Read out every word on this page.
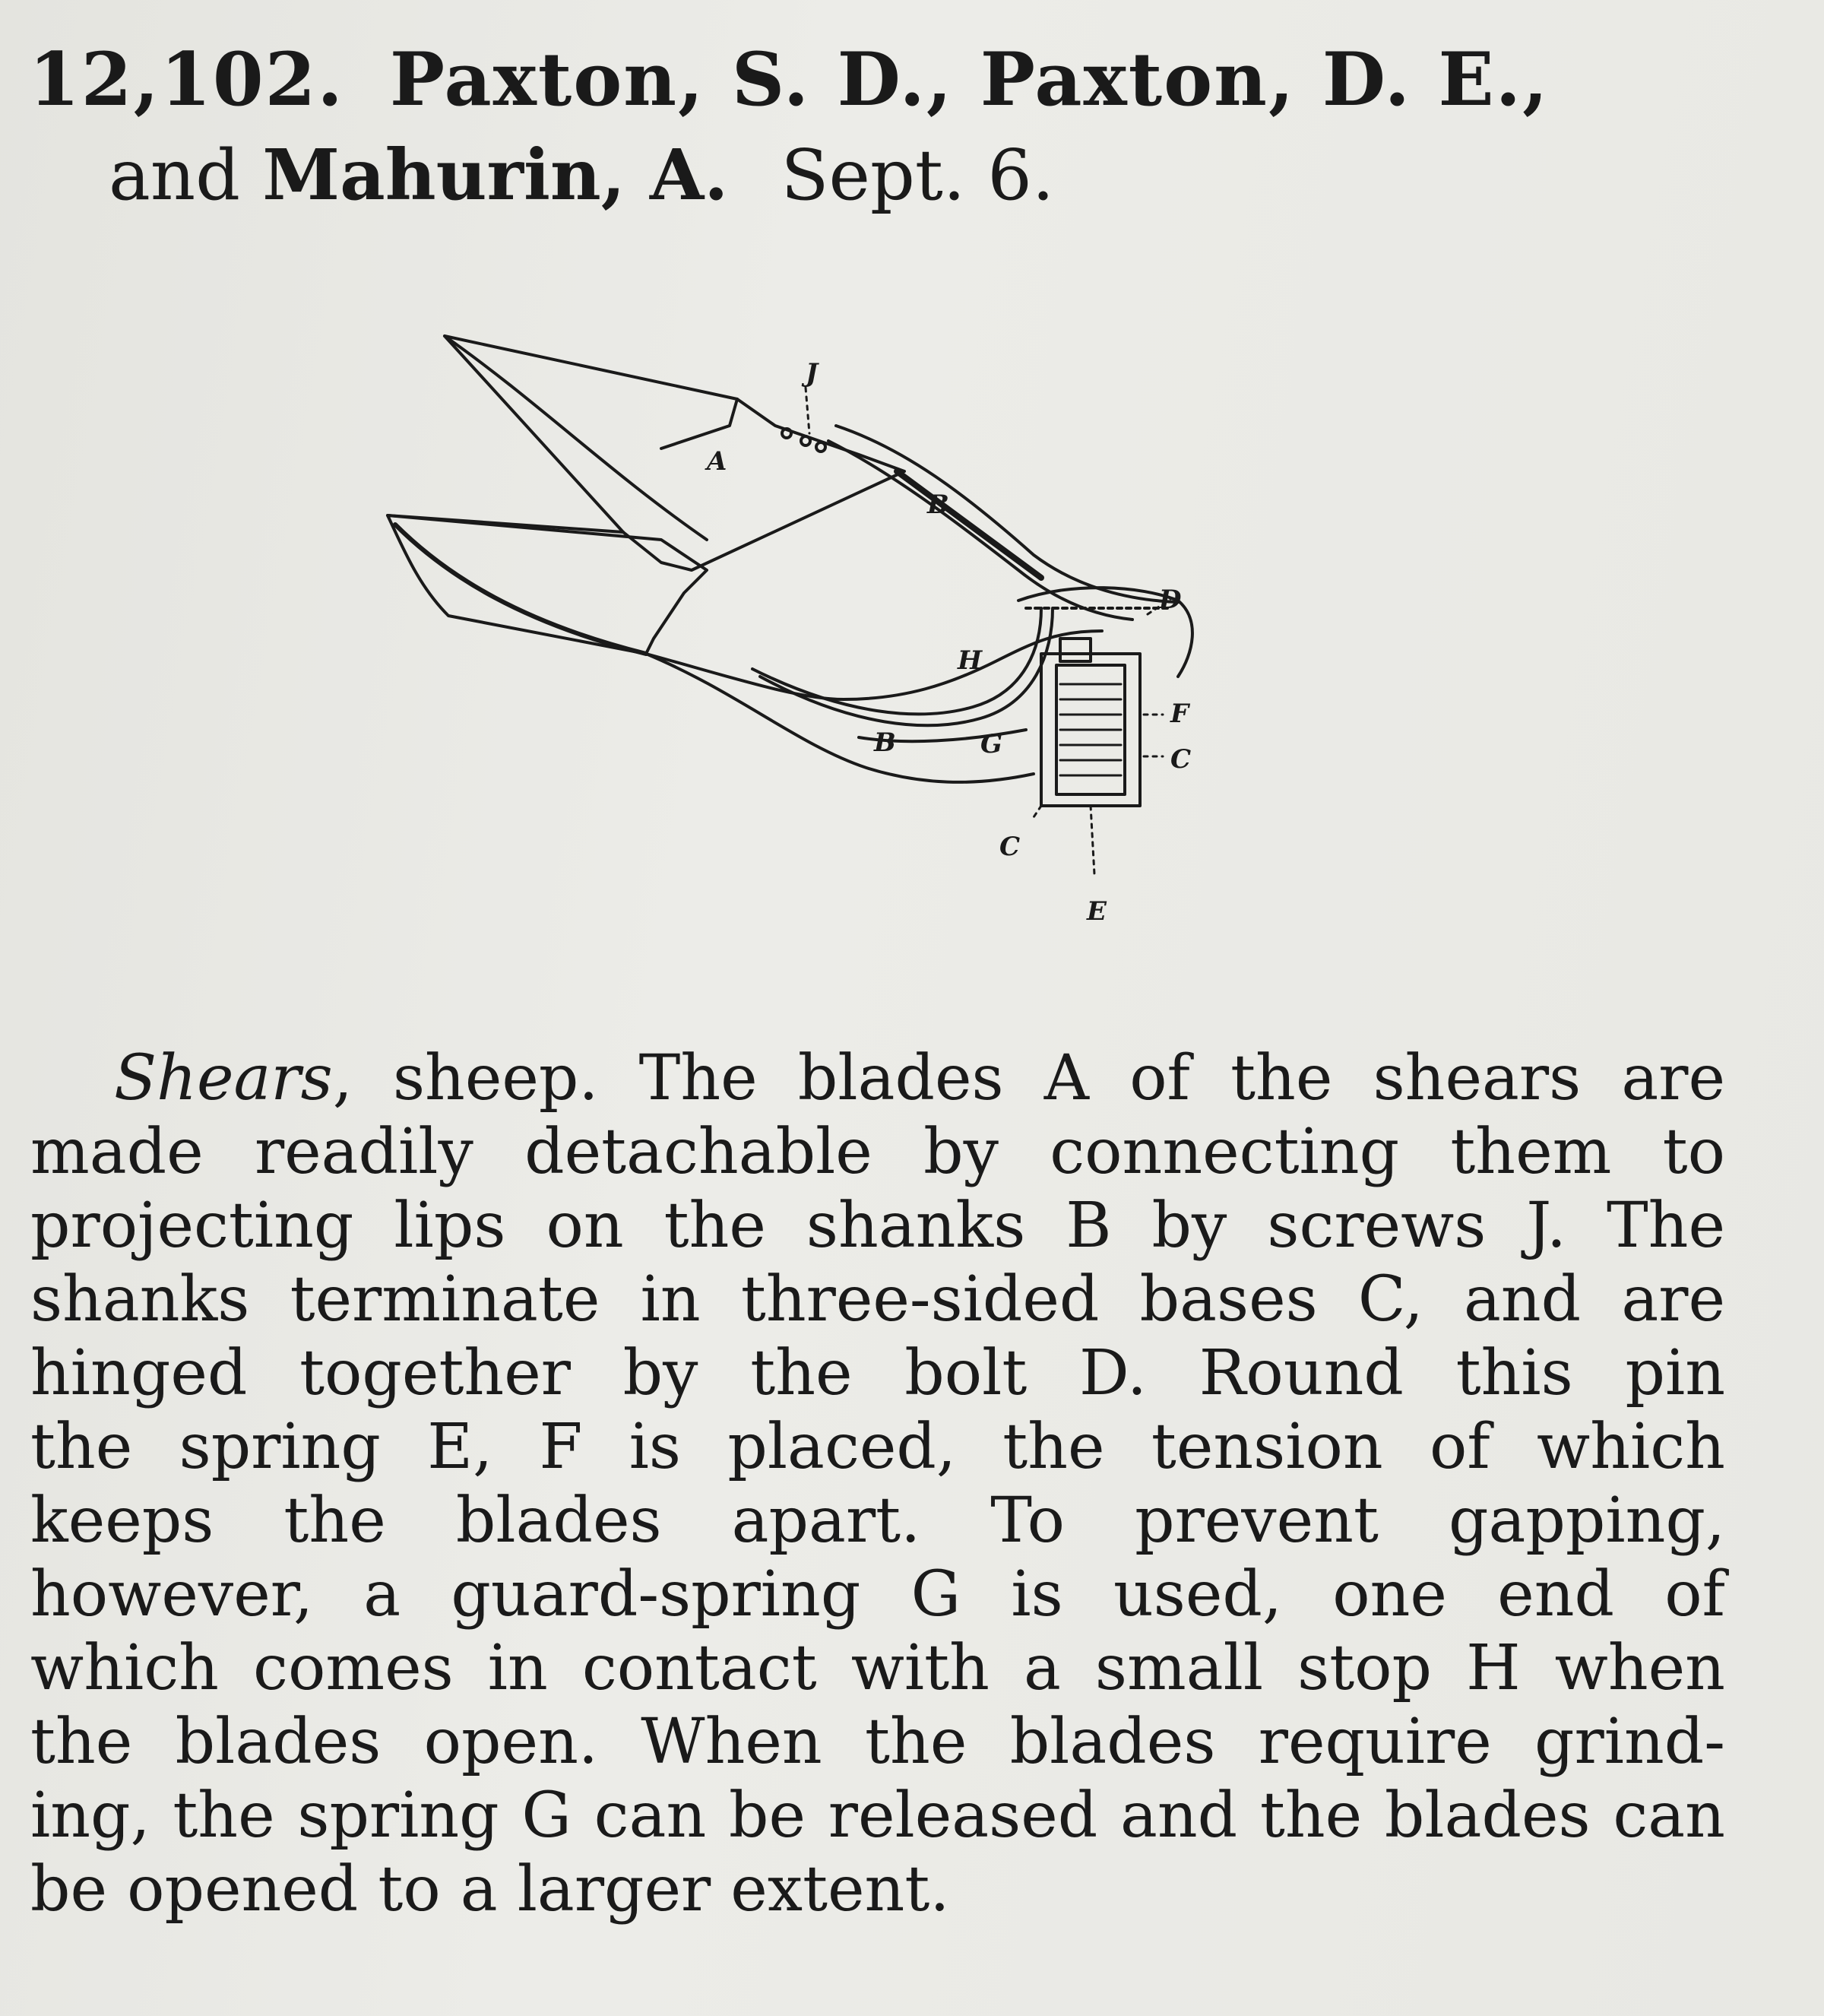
12,102. Paxton, S. D., Paxton, D. E.,
and Mahurin, A. Sept. 6.
A
J
B
D
H
F
G
B
C
C
E
Shears, sheep. The blades A of the shears are
made readily detachable by connecting them to
projecting lips on the shanks B by screws J. The
shanks terminate in three-sided bases C, and are
hinged together by the bolt D. Round this pin
the spring E, F is placed, the tension of which
keeps the blades apart. To prevent gapping,
however, a guard-spring G is used, one end of
which comes in contact with a small stop H when
the blades open. When the blades require grind-
ing, the spring G can be released and the blades can
be opened to a larger extent.
